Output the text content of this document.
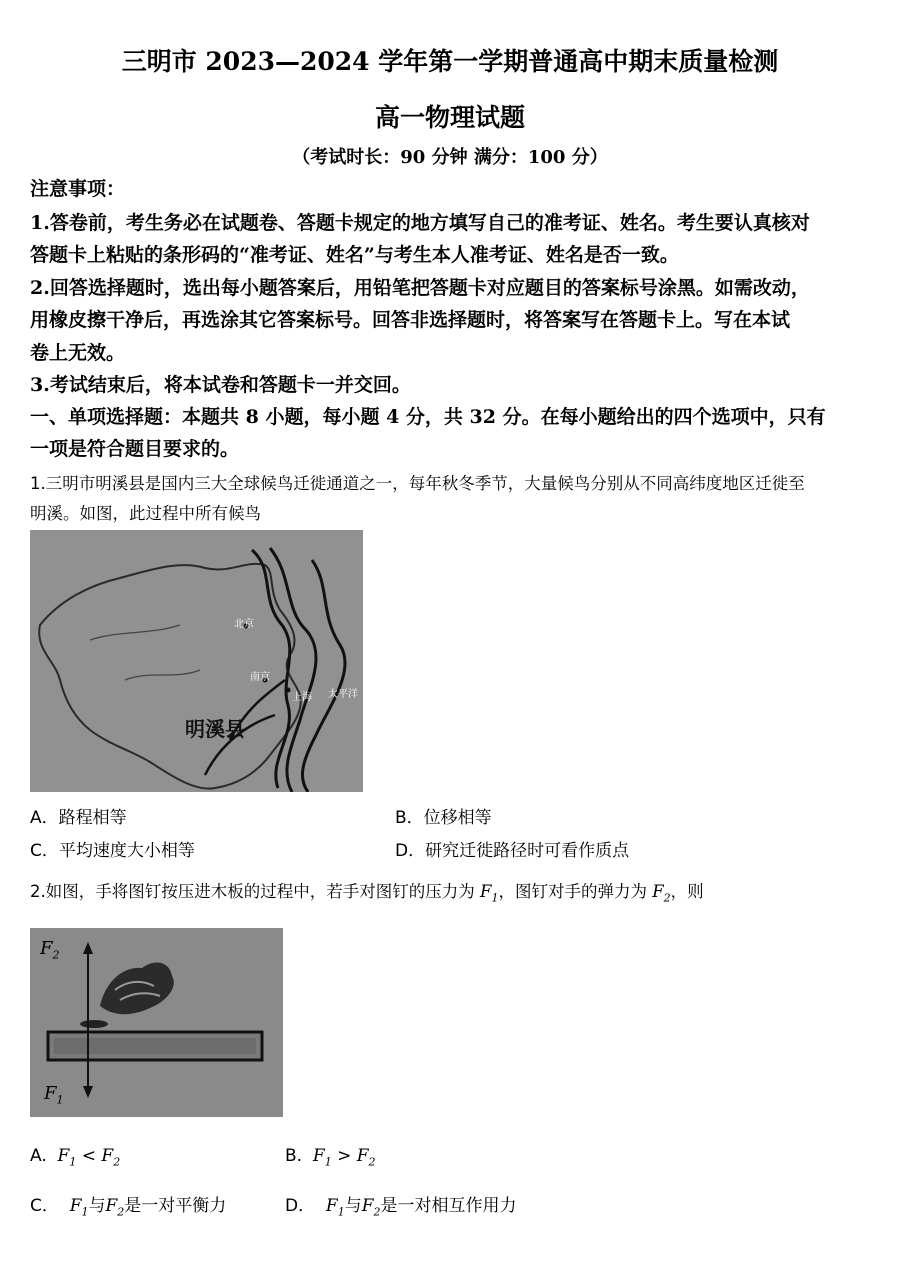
三明市 2023—2024 学年第一学期普通高中期末质量检测
高一物理试题
（考试时长：90 分钟 满分：100 分）
注意事项：
1.答卷前，考生务必在试题卷、答题卡规定的地方填写自己的准考证、姓名。考生要认真核对
答题卡上粘贴的条形码的“准考证、姓名”与考生本人准考证、姓名是否一致。
2.回答选择题时，选出每小题答案后，用铅笔把答题卡对应题目的答案标号涂黑。如需改动，
用橡皮擦干净后，再选涂其它答案标号。回答非选择题时，将答案写在答题卡上。写在本试
卷上无效。
3.考试结束后，将本试卷和答题卡一并交回。
一、单项选择题：本题共 8 小题，每小题 4 分，共 32 分。在每小题给出的四个选项中，只有
一项是符合题目要求的。
1.三明市明溪县是国内三大全球候鸟迁徙通道之一，每年秋冬季节，大量候鸟分别从不同高纬度地区迁徙至
明溪。如图，此过程中所有候鸟
北京
南京
上海 太平洋
明溪县
A．路程相等	B．位移相等
C．平均速度大小相等	D．研究迁徙路径时可看作质点
2.如图，手将图钉按压进木板的过程中，若手对图钉的压力为 $F_1$，图钉对手的弹力为 $F_2$，则
$F_2$
$F_1$
A. $F_1 < F_2$	B. $F_1 > F_2$
C． $F_1$与$F_2$是一对平衡力	D． $F_1$与$F_2$是一对相互作用力
